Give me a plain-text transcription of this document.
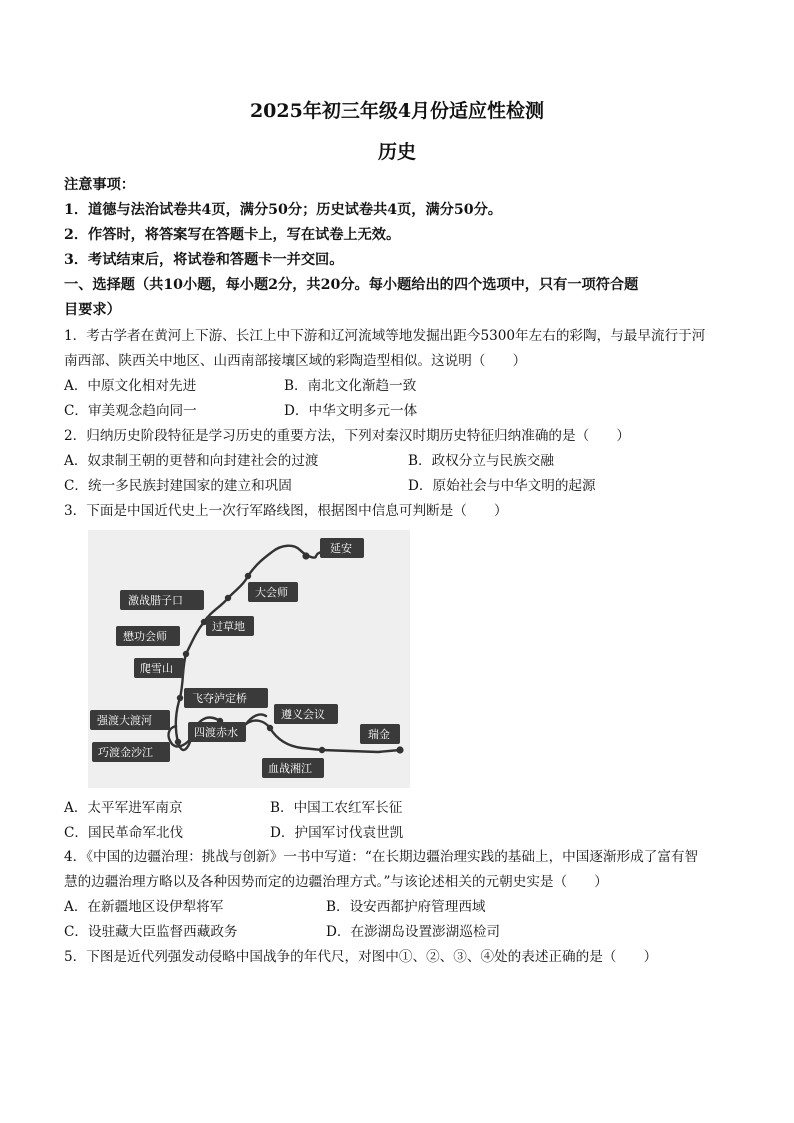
2025年初三年级4月份适应性检测
历史
注意事项：
1．道德与法治试卷共4页，满分50分；历史试卷共4页，满分50分。
2．作答时，将答案写在答题卡上，写在试卷上无效。
3．考试结束后，将试卷和答题卡一并交回。
一、选择题（共10小题，每小题2分，共20分。每小题给出的四个选项中，只有一项符合题
目要求）
1．考古学者在黄河上下游、长江上中下游和辽河流域等地发掘出距今5300年左右的彩陶，与最早流行于河
南西部、陕西关中地区、山西南部接壤区域的彩陶造型相似。这说明（　　）
A．中原文化相对先进	B．南北文化渐趋一致
C．审美观念趋向同一	D．中华文明多元一体
2．归纳历史阶段特征是学习历史的重要方法，下列对秦汉时期历史特征归纳准确的是（　　）
A．奴隶制王朝的更替和向封建社会的过渡	B．政权分立与民族交融
C．统一多民族封建国家的建立和巩固	D．原始社会与中华文明的起源
3．下面是中国近代史上一次行军路线图，根据图中信息可判断是（　　）
延安
大会师
激战腊子口
过草地
懋功会师
爬雪山
飞夺泸定桥
强渡大渡河	遵义会议
四渡赤水	瑞金
巧渡金沙江
血战湘江
A．太平军进军南京	B．中国工农红军长征
C．国民革命军北伐	D．护国军讨伐袁世凯
4．《中国的边疆治理：挑战与创新》一书中写道：“在长期边疆治理实践的基础上，中国逐渐形成了富有智
慧的边疆治理方略以及各种因势而定的边疆治理方式。”与该论述相关的元朝史实是（　　）
A．在新疆地区设伊犁将军	B．设安西都护府管理西域
C．设驻藏大臣监督西藏政务	D．在澎湖岛设置澎湖巡检司
5．下图是近代列强发动侵略中国战争的年代尺，对图中①、②、③、④处的表述正确的是（　　）
